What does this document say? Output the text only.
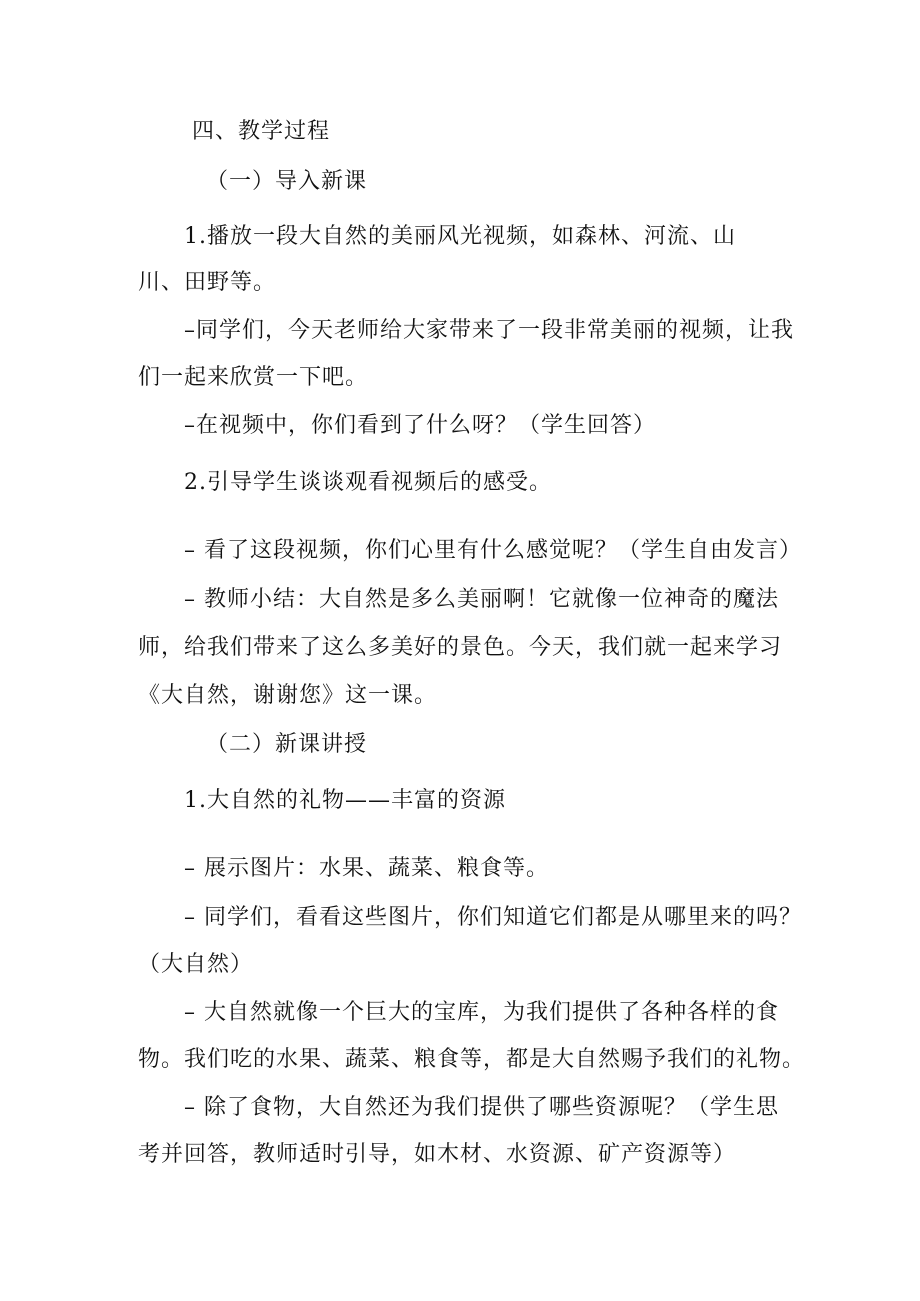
四、教学过程

（一）导入新课

1.播放一段大自然的美丽风光视频，如森林、河流、山

川、田野等。

–同学们，今天老师给大家带来了一段非常美丽的视频，让我

们一起来欣赏一下吧。

–在视频中，你们看到了什么呀？（学生回答）

2.引导学生谈谈观看视频后的感受。

– 看了这段视频，你们心里有什么感觉呢？（学生自由发言）

– 教师小结：大自然是多么美丽啊！它就像一位神奇的魔法

师，给我们带来了这么多美好的景色。今天，我们就一起来学习

《大自然，谢谢您》这一课。

（二）新课讲授

1.大自然的礼物——丰富的资源

– 展示图片：水果、蔬菜、粮食等。

– 同学们，看看这些图片，你们知道它们都是从哪里来的吗？

（大自然）

– 大自然就像一个巨大的宝库，为我们提供了各种各样的食

物。我们吃的水果、蔬菜、粮食等，都是大自然赐予我们的礼物。

– 除了食物，大自然还为我们提供了哪些资源呢？（学生思

考并回答，教师适时引导，如木材、水资源、矿产资源等）
